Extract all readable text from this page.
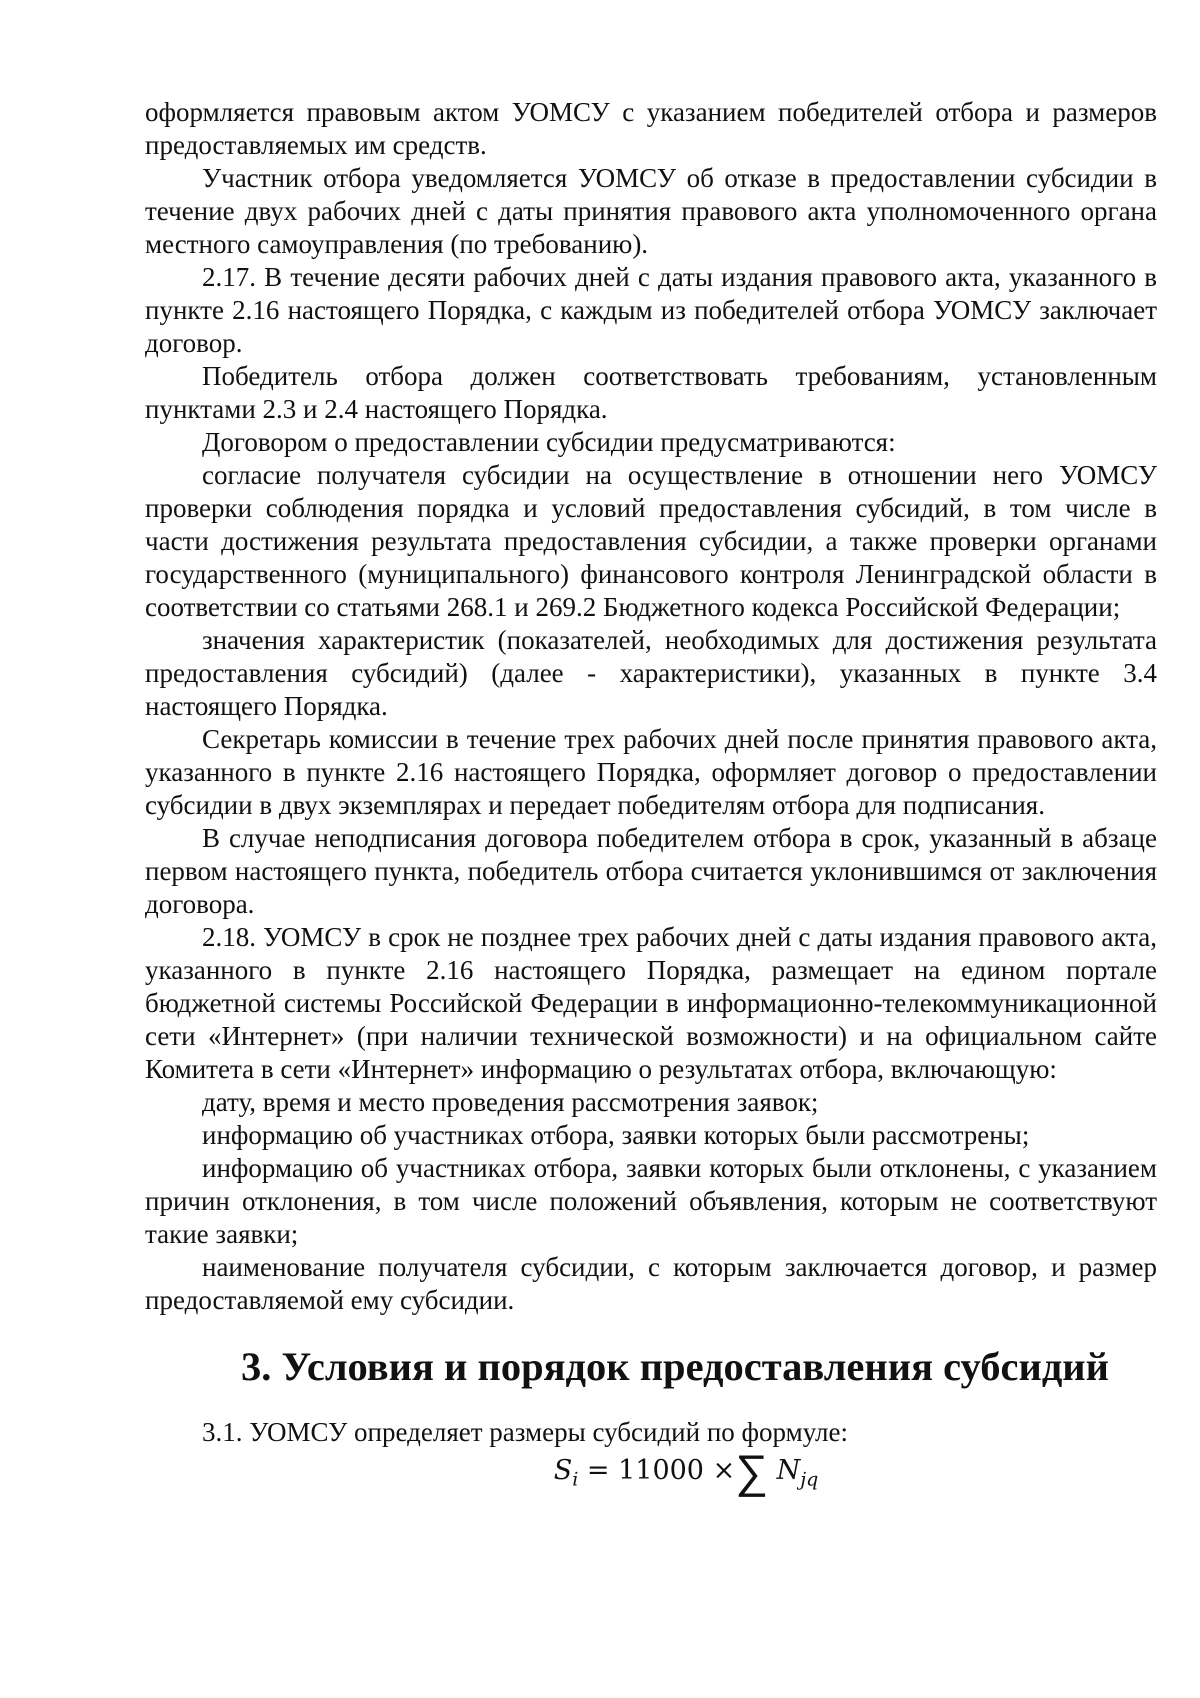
оформляется правовым актом УОМСУ с указанием победителей отбора и размеров предоставляемых им средств.

Участник отбора уведомляется УОМСУ об отказе в предоставлении субсидии в течение двух рабочих дней с даты принятия правового акта уполномоченного органа местного самоуправления (по требованию).

2.17. В течение десяти рабочих дней с даты издания правового акта, указанного в пункте 2.16 настоящего Порядка, с каждым из победителей отбора УОМСУ заключает договор.

Победитель отбора должен соответствовать требованиям, установленным пунктами 2.3 и 2.4 настоящего Порядка.

Договором о предоставлении субсидии предусматриваются:

согласие получателя субсидии на осуществление в отношении него УОМСУ проверки соблюдения порядка и условий предоставления субсидий, в том числе в части достижения результата предоставления субсидии, а также проверки органами государственного (муниципального) финансового контроля Ленинградской области в соответствии со статьями 268.1 и 269.2 Бюджетного кодекса Российской Федерации;

значения характеристик (показателей, необходимых для достижения результата предоставления субсидий) (далее - характеристики), указанных в пункте 3.4 настоящего Порядка.

Секретарь комиссии в течение трех рабочих дней после принятия правового акта, указанного в пункте 2.16 настоящего Порядка, оформляет договор о предоставлении субсидии в двух экземплярах и передает победителям отбора для подписания.

В случае неподписания договора победителем отбора в срок, указанный в абзаце первом настоящего пункта, победитель отбора считается уклонившимся от заключения договора.

2.18. УОМСУ в срок не позднее трех рабочих дней с даты издания правового акта, указанного в пункте 2.16 настоящего Порядка, размещает на едином портале бюджетной системы Российской Федерации в информационно-телекоммуникационной сети «Интернет» (при наличии технической возможности) и на официальном сайте Комитета в сети «Интернет» информацию о результатах отбора, включающую:

дату, время и место проведения рассмотрения заявок;

информацию об участниках отбора, заявки которых были рассмотрены;

информацию об участниках отбора, заявки которых были отклонены, с указанием причин отклонения, в том числе положений объявления, которым не соответствуют такие заявки;

наименование получателя субсидии, с которым заключается договор, и размер предоставляемой ему субсидии.

3. Условия и порядок предоставления субсидий

3.1. УОМСУ определяет размеры субсидий по формуле:

$S_i = 11000$ ×∑ $N_{jq}$
